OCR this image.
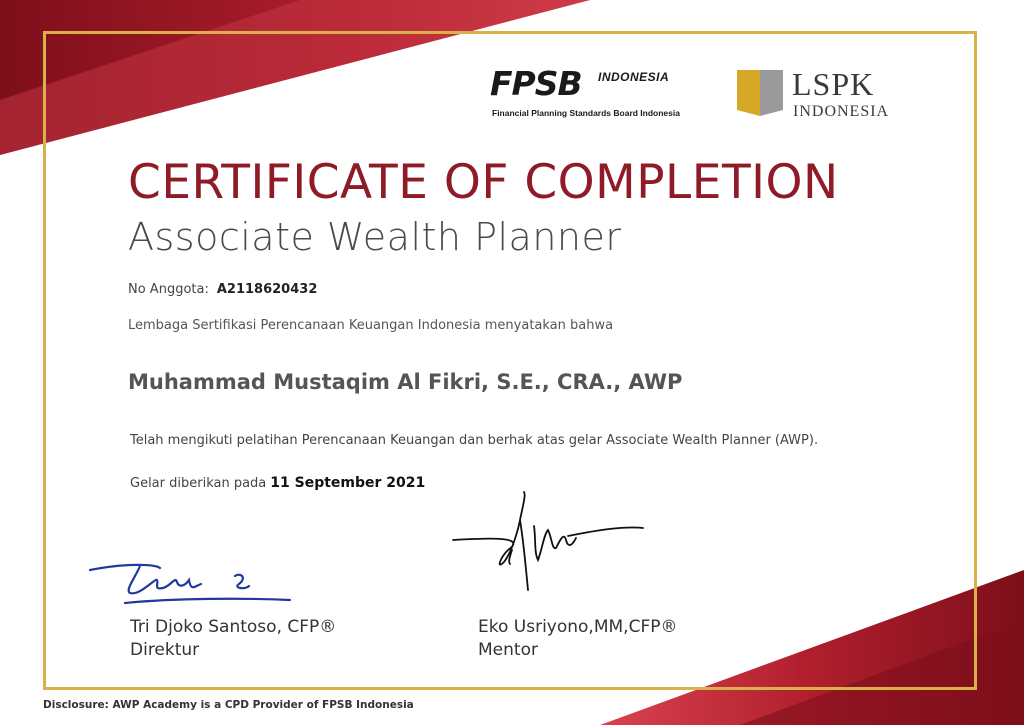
FPSB INDONESIA
Financial Planning Standards Board Indonesia
LSPK
INDONESIA
CERTIFICATE OF COMPLETION
Associate Wealth Planner
No Anggota: A2118620432
Lembaga Sertifikasi Perencanaan Keuangan Indonesia menyatakan bahwa
Muhammad Mustaqim Al Fikri, S.E., CRA., AWP
Telah mengikuti pelatihan Perencanaan Keuangan dan berhak atas gelar Associate Wealth Planner (AWP).
Gelar diberikan pada 11 September 2021
Tri Djoko Santoso, CFP®
Direktur
Eko Usriyono,MM,CFP®
Mentor
Disclosure: AWP Academy is a CPD Provider of FPSB Indonesia
